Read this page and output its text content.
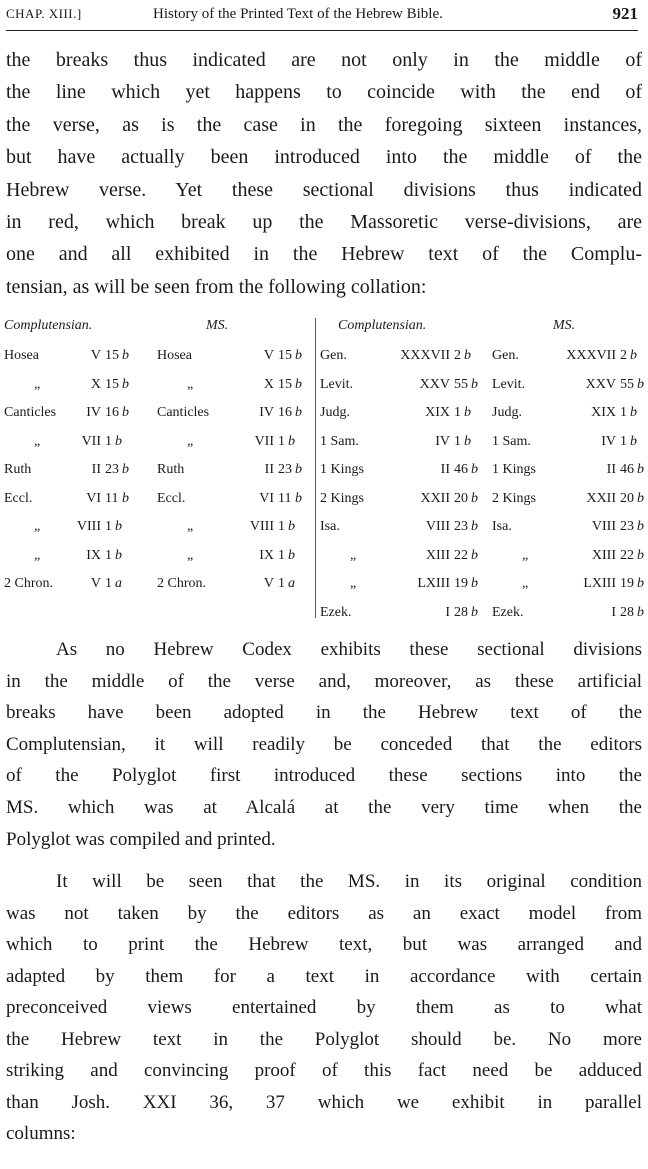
CHAP. XIII.]	History of the Printed Text of the Hebrew Bible.	921
the breaks thus indicated are not only in the middle of
the line which yet happens to coincide with the end of
the verse, as is the case in the foregoing sixteen instances,
but have actually been introduced into the middle of the
Hebrew verse. Yet these sectional divisions thus indicated
in red, which break up the Massoretic verse-divisions, are
one and all exhibited in the Hebrew text of the Complu-
tensian, as will be seen from the following collation:
Complutensian.	MS.
Hosea	V 15 b Hosea	V 15 b
„	X 15 b	„	X 15 b
Canticles IV 16 b Canticles	IV 16 b
„	VII 1 b	„	VII 1 b
Ruth	II 23 b Ruth	II 23 b
Eccl.	VI 11 b Eccl.	VI 11 b
„	VIII 1 b	„	VIII 1 b
„	IX 1 b	„	IX 1 b
2 Chron.	V 1 a	2 Chron.	V 1 a
Complutensian.	MS.
Gen.	XXXVII 2 b Gen.	XXXVII 2 b
Levit.	XXV 55 b Levit.	XXV 55 b
Judg.	XIX 1 b Judg.	XIX 1 b
1 Sam.	IV 1 b 1 Sam.	IV 1 b
1 Kings	II 46 b 1 Kings	II 46 b
2 Kings	XXII 20 b 2 Kings	XXII 20 b
Isa.	VIII 23 b Isa.	VIII 23 b
„	XIII 22 b	„	XIII 22 b
„	LXIII 19 b	„	LXIII 19 b
Ezek.	I 28 b Ezek.	I 28 b
As no Hebrew Codex exhibits these sectional divisions
in the middle of the verse and, moreover, as these artificial
breaks have been adopted in the Hebrew text of the
Complutensian, it will readily be conceded that the editors
of the Polyglot first introduced these sections into the
MS. which was at Alcalá at the very time when the
Polyglot was compiled and printed.
It will be seen that the MS. in its original condition
was not taken by the editors as an exact model from
which to print the Hebrew text, but was arranged and
adapted by them for a text in accordance with certain
preconceived views entertained by them as to what
the Hebrew text in the Polyglot should be. No more
striking and convincing proof of this fact need be adduced
than Josh. XXI 36, 37 which we exhibit in parallel
columns:
